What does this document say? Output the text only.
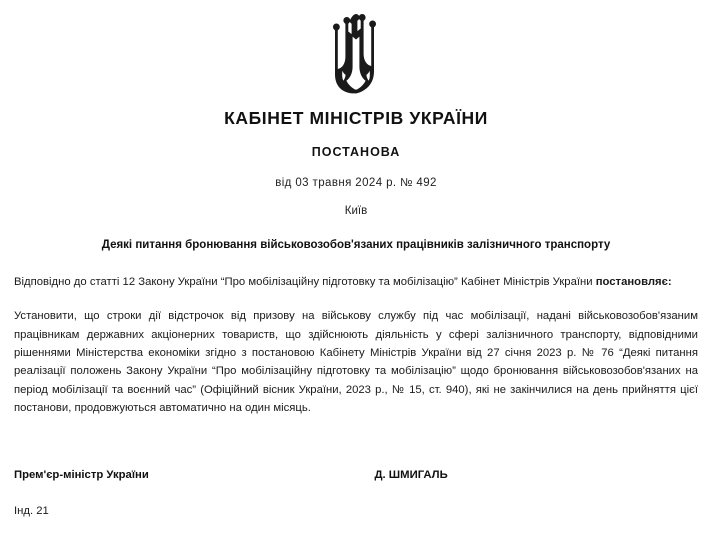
КАБІНЕТ МІНІСТРІВ УКРАЇНИ
ПОСТАНОВА
від 03 травня 2024 р. № 492
Київ
Деякі питання бронювання військовозобов'язаних працівників залізничного транспорту
Відповідно до статті 12 Закону України “Про мобілізаційну підготовку та мобілізацію” Кабінет Міністрів України постановляє:
Установити, що строки дії відстрочок від призову на військову службу під час мобілізації, надані військовозобов'язаним працівникам державних акціонерних товариств, що здійснюють діяльність у сфері залізничного транспорту, відповідними рішеннями Міністерства економіки згідно з постановою Кабінету Міністрів України від 27 січня 2023 р. № 76 “Деякі питання реалізації положень Закону України “Про мобілізаційну підготовку та мобілізацію” щодо бронювання військовозобов'язаних на період мобілізації та воєнний час” (Офіційний вісник України, 2023 р., № 15, ст. 940), які не закінчилися на день прийняття цієї постанови, продовжуються автоматично на один місяць.
Прем'єр-міністр України	Д. ШМИГАЛЬ
Інд. 21
